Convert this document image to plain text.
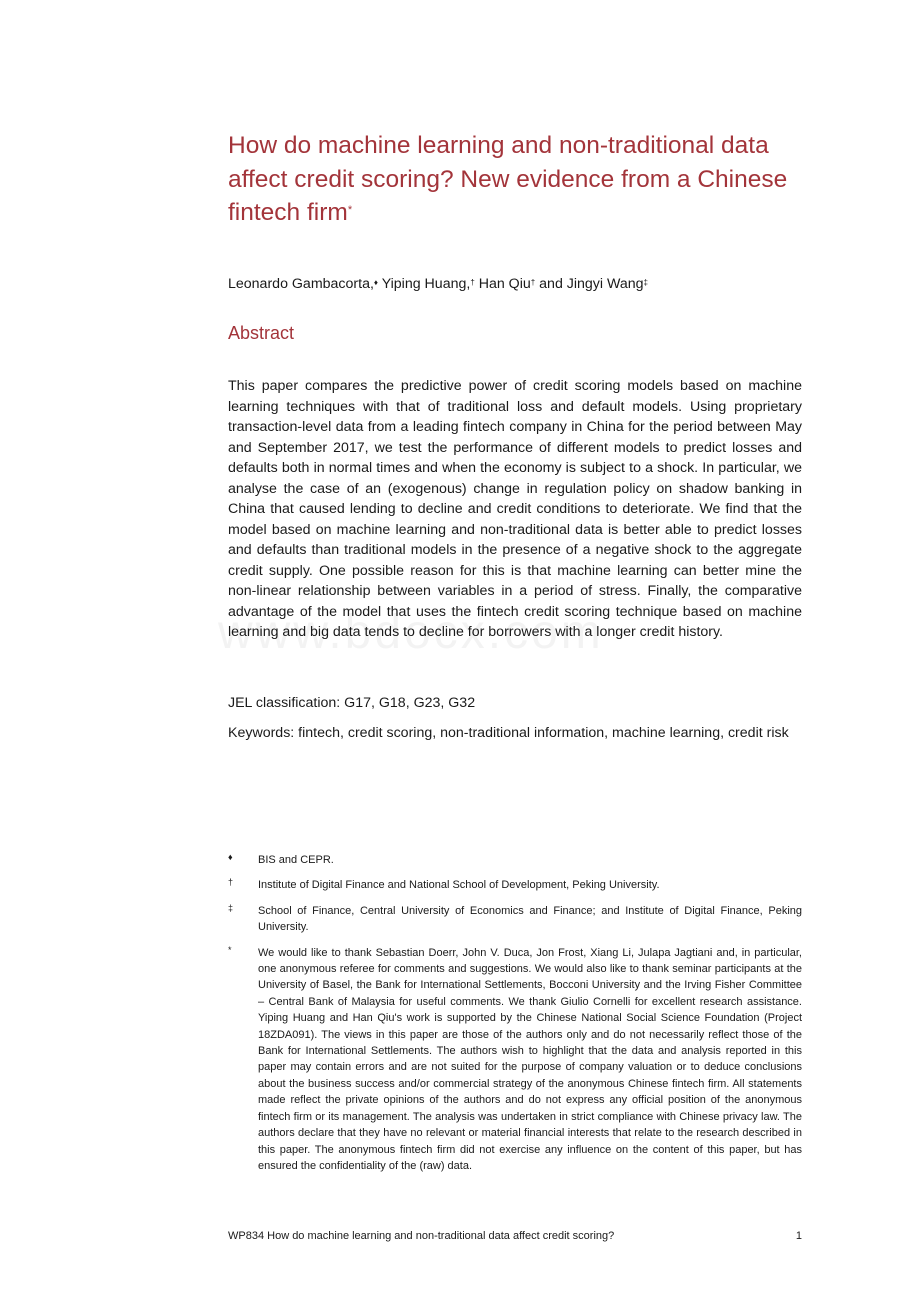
How do machine learning and non-traditional data affect credit scoring? New evidence from a Chinese fintech firm*
Leonardo Gambacorta,♦ Yiping Huang,† Han Qiu† and Jingyi Wang‡
Abstract

This paper compares the predictive power of credit scoring models based on machine learning techniques with that of traditional loss and default models. Using proprietary transaction-level data from a leading fintech company in China for the period between May and September 2017, we test the performance of different models to predict losses and defaults both in normal times and when the economy is subject to a shock. In particular, we analyse the case of an (exogenous) change in regulation policy on shadow banking in China that caused lending to decline and credit conditions to deteriorate. We find that the model based on machine learning and non-traditional data is better able to predict losses and defaults than traditional models in the presence of a negative shock to the aggregate credit supply. One possible reason for this is that machine learning can better mine the non-linear relationship between variables in a period of stress. Finally, the comparative advantage of the model that uses the fintech credit scoring technique based on machine learning and big data tends to decline for borrowers with a longer credit history.

JEL classification: G17, G18, G23, G32

Keywords: fintech, credit scoring, non-traditional information, machine learning, credit risk

♦ BIS and CEPR.
† Institute of Digital Finance and National School of Development, Peking University.
‡ School of Finance, Central University of Economics and Finance; and Institute of Digital Finance, Peking University.
* We would like to thank Sebastian Doerr, John V. Duca, Jon Frost, Xiang Li, Julapa Jagtiani and, in particular, one anonymous referee for comments and suggestions. We would also like to thank seminar participants at the University of Basel, the Bank for International Settlements, Bocconi University and the Irving Fisher Committee – Central Bank of Malaysia for useful comments. We thank Giulio Cornelli for excellent research assistance. Yiping Huang and Han Qiu's work is supported by the Chinese National Social Science Foundation (Project 18ZDA091). The views in this paper are those of the authors only and do not necessarily reflect those of the Bank for International Settlements. The authors wish to highlight that the data and analysis reported in this paper may contain errors and are not suited for the purpose of company valuation or to deduce conclusions about the business success and/or commercial strategy of the anonymous Chinese fintech firm. All statements made reflect the private opinions of the authors and do not express any official position of the anonymous fintech firm or its management. The analysis was undertaken in strict compliance with Chinese privacy law. The authors declare that they have no relevant or material financial interests that relate to the research described in this paper. The anonymous fintech firm did not exercise any influence on the content of this paper, but has ensured the confidentiality of the (raw) data.
WP834 How do machine learning and non-traditional data affect credit scoring?	1
